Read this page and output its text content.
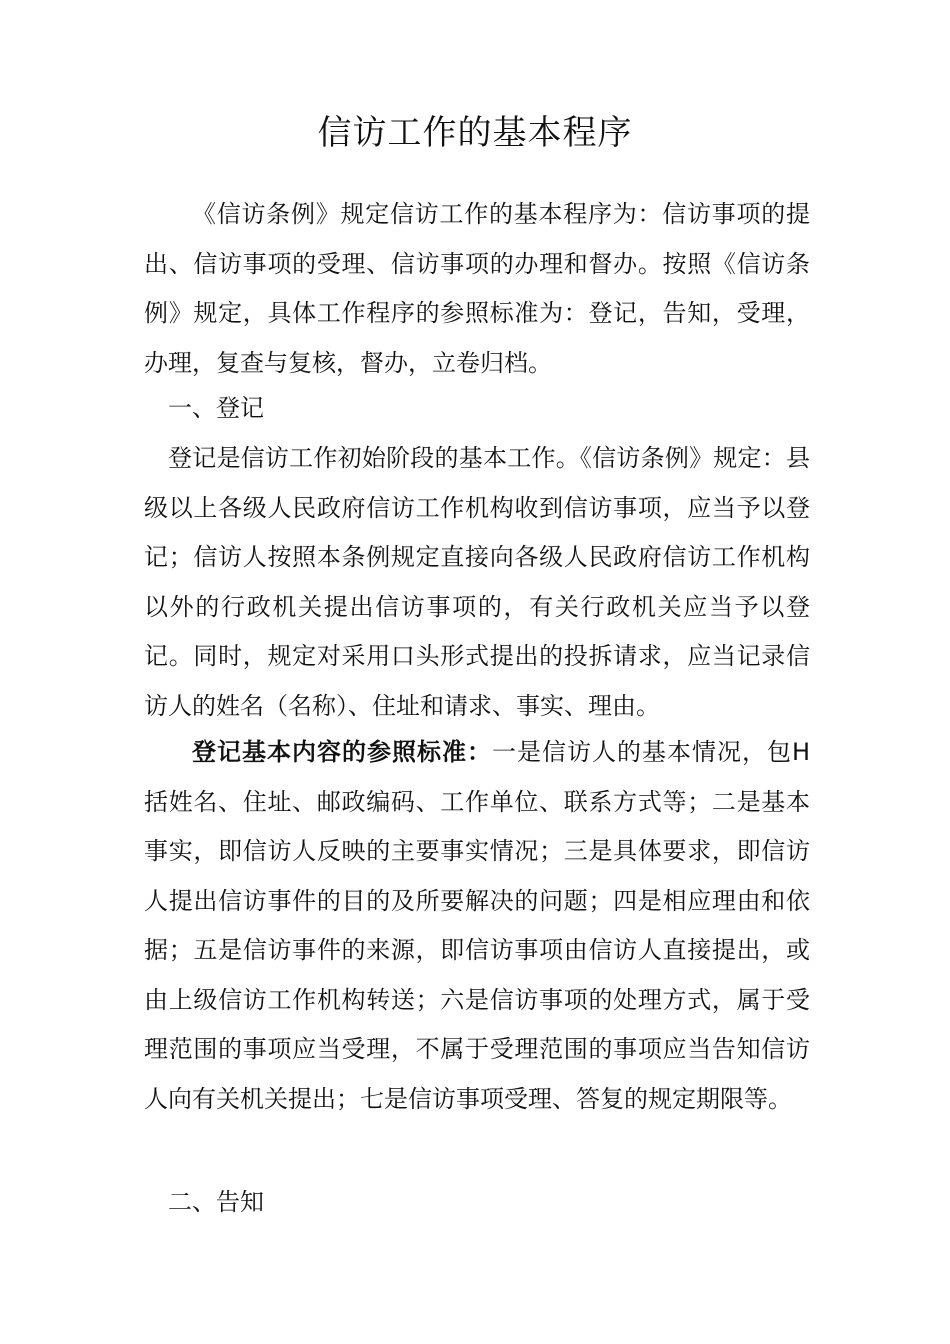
信访工作的基本程序

《信访条例》规定信访工作的基本程序为：信访事项的提出、信访事项的受理、信访事项的办理和督办。按照《信访条例》规定，具体工作程序的参照标准为：登记，告知，受理，办理，复查与复核，督办，立卷归档。

一、登记

登记是信访工作初始阶段的基本工作。《信访条例》规定：县级以上各级人民政府信访工作机构收到信访事项，应当予以登记；信访人按照本条例规定直接向各级人民政府信访工作机构以外的行政机关提出信访事项的，有关行政机关应当予以登记。同时，规定对采用口头形式提出的投拆请求，应当记录信访人的姓名（名称）、住址和请求、事实、理由。

登记基本内容的参照标准：一是信访人的基本情况，包H括姓名、住址、邮政编码、工作单位、联系方式等；二是基本事实，即信访人反映的主要事实情况；三是具体要求，即信访人提出信访事件的目的及所要解决的问题；四是相应理由和依据；五是信访事件的来源，即信访事项由信访人直接提出，或由上级信访工作机构转送；六是信访事项的处理方式，属于受理范围的事项应当受理，不属于受理范围的事项应当告知信访人向有关机关提出；七是信访事项受理、答复的规定期限等。

二、告知
